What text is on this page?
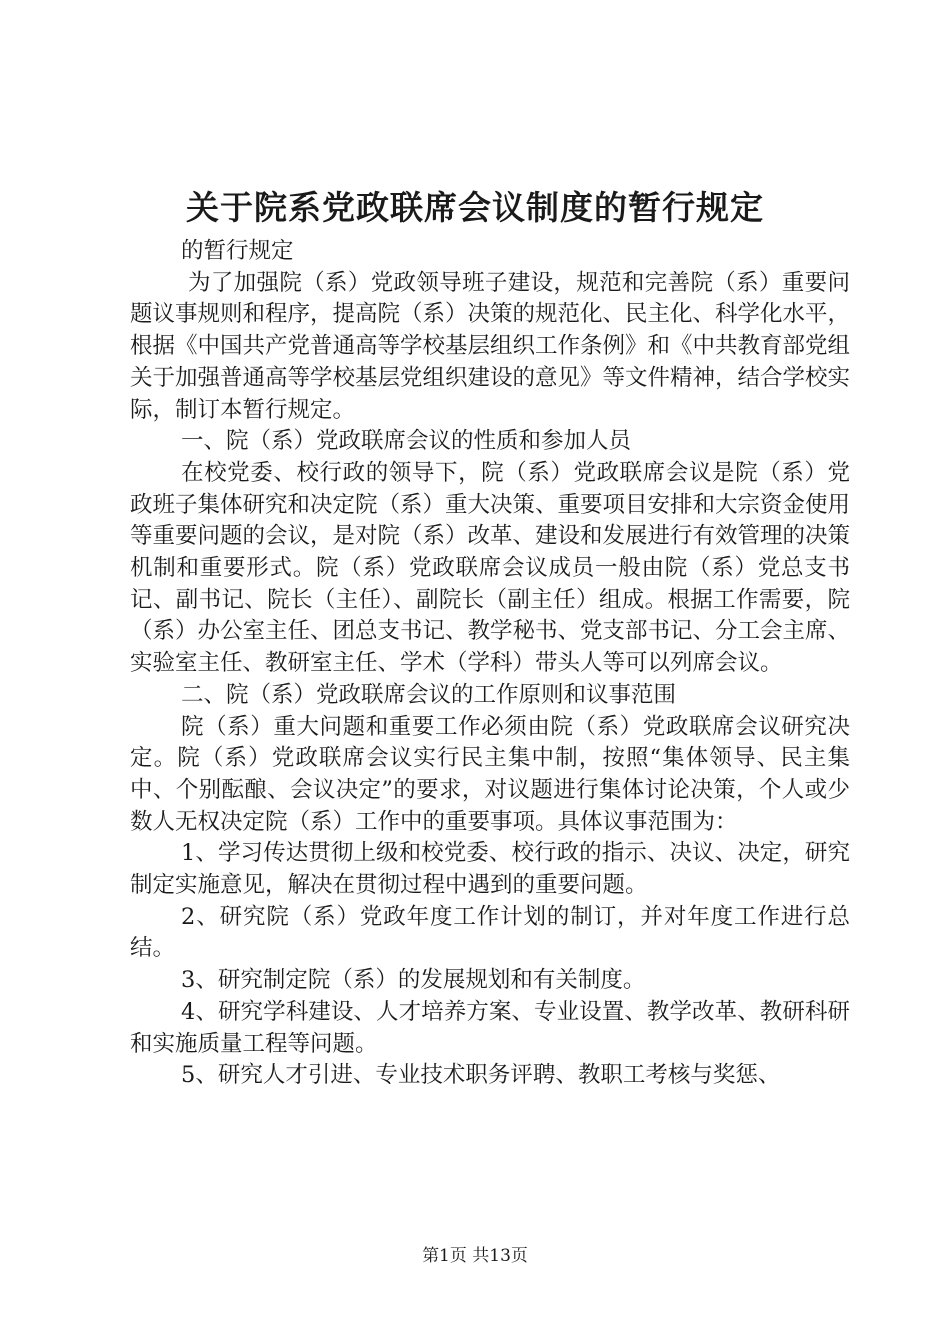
关于院系党政联席会议制度的暂行规定

的暂行规定

为了加强院（系）党政领导班子建设，规范和完善院（系）重要问题议事规则和程序，提高院（系）决策的规范化、民主化、科学化水平，根据《中国共产党普通高等学校基层组织工作条例》和《中共教育部党组关于加强普通高等学校基层党组织建设的意见》等文件精神，结合学校实际，制订本暂行规定。

一、院（系）党政联席会议的性质和参加人员

在校党委、校行政的领导下，院（系）党政联席会议是院（系）党政班子集体研究和决定院（系）重大决策、重要项目安排和大宗资金使用等重要问题的会议，是对院（系）改革、建设和发展进行有效管理的决策机制和重要形式。院（系）党政联席会议成员一般由院（系）党总支书记、副书记、院长（主任）、副院长（副主任）组成。根据工作需要，院（系）办公室主任、团总支书记、教学秘书、党支部书记、分工会主席、实验室主任、教研室主任、学术（学科）带头人等可以列席会议。

二、院（系）党政联席会议的工作原则和议事范围

院（系）重大问题和重要工作必须由院（系）党政联席会议研究决定。院（系）党政联席会议实行民主集中制，按照“集体领导、民主集中、个别酝酿、会议决定”的要求，对议题进行集体讨论决策，个人或少数人无权决定院（系）工作中的重要事项。具体议事范围为：

1、学习传达贯彻上级和校党委、校行政的指示、决议、决定，研究制定实施意见，解决在贯彻过程中遇到的重要问题。

2、研究院（系）党政年度工作计划的制订，并对年度工作进行总结。

3、研究制定院（系）的发展规划和有关制度。

4、研究学科建设、人才培养方案、专业设置、教学改革、教研科研和实施质量工程等问题。

5、研究人才引进、专业技术职务评聘、教职工考核与奖惩、

第1页 共13页
